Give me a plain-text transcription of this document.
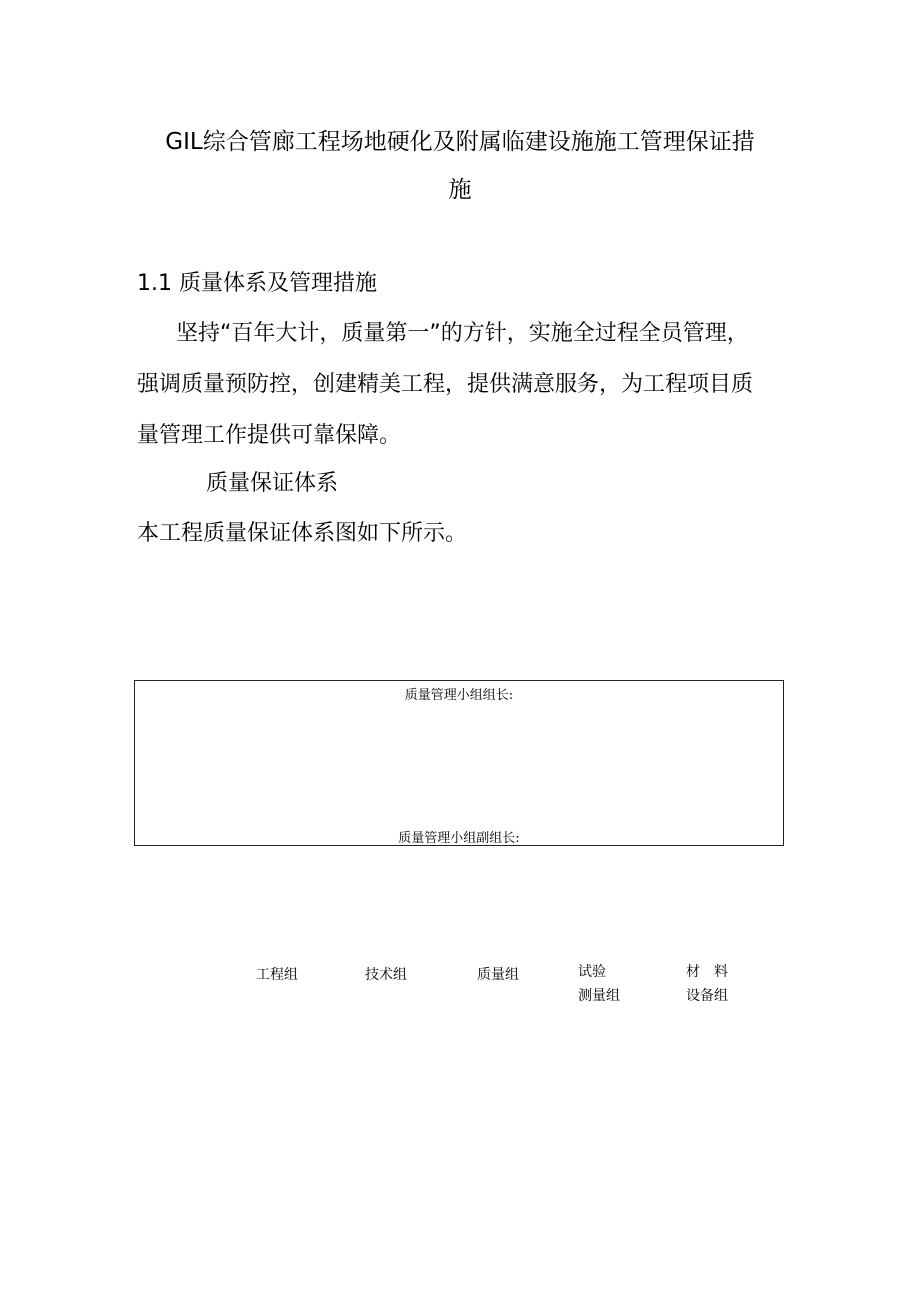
GIL综合管廊工程场地硬化及附属临建设施施工管理保证措
施
1.1 质量体系及管理措施
坚持“百年大计，质量第一”的方针，实施全过程全员管理，
强调质量预防控，创建精美工程，提供满意服务，为工程项目质
量管理工作提供可靠保障。
质量保证体系
本工程质量保证体系图如下所示。
质量管理小组组长:
质量管理小组副组长:
工程组	技术组	质量组	试验
测量组
材　料
设备组
